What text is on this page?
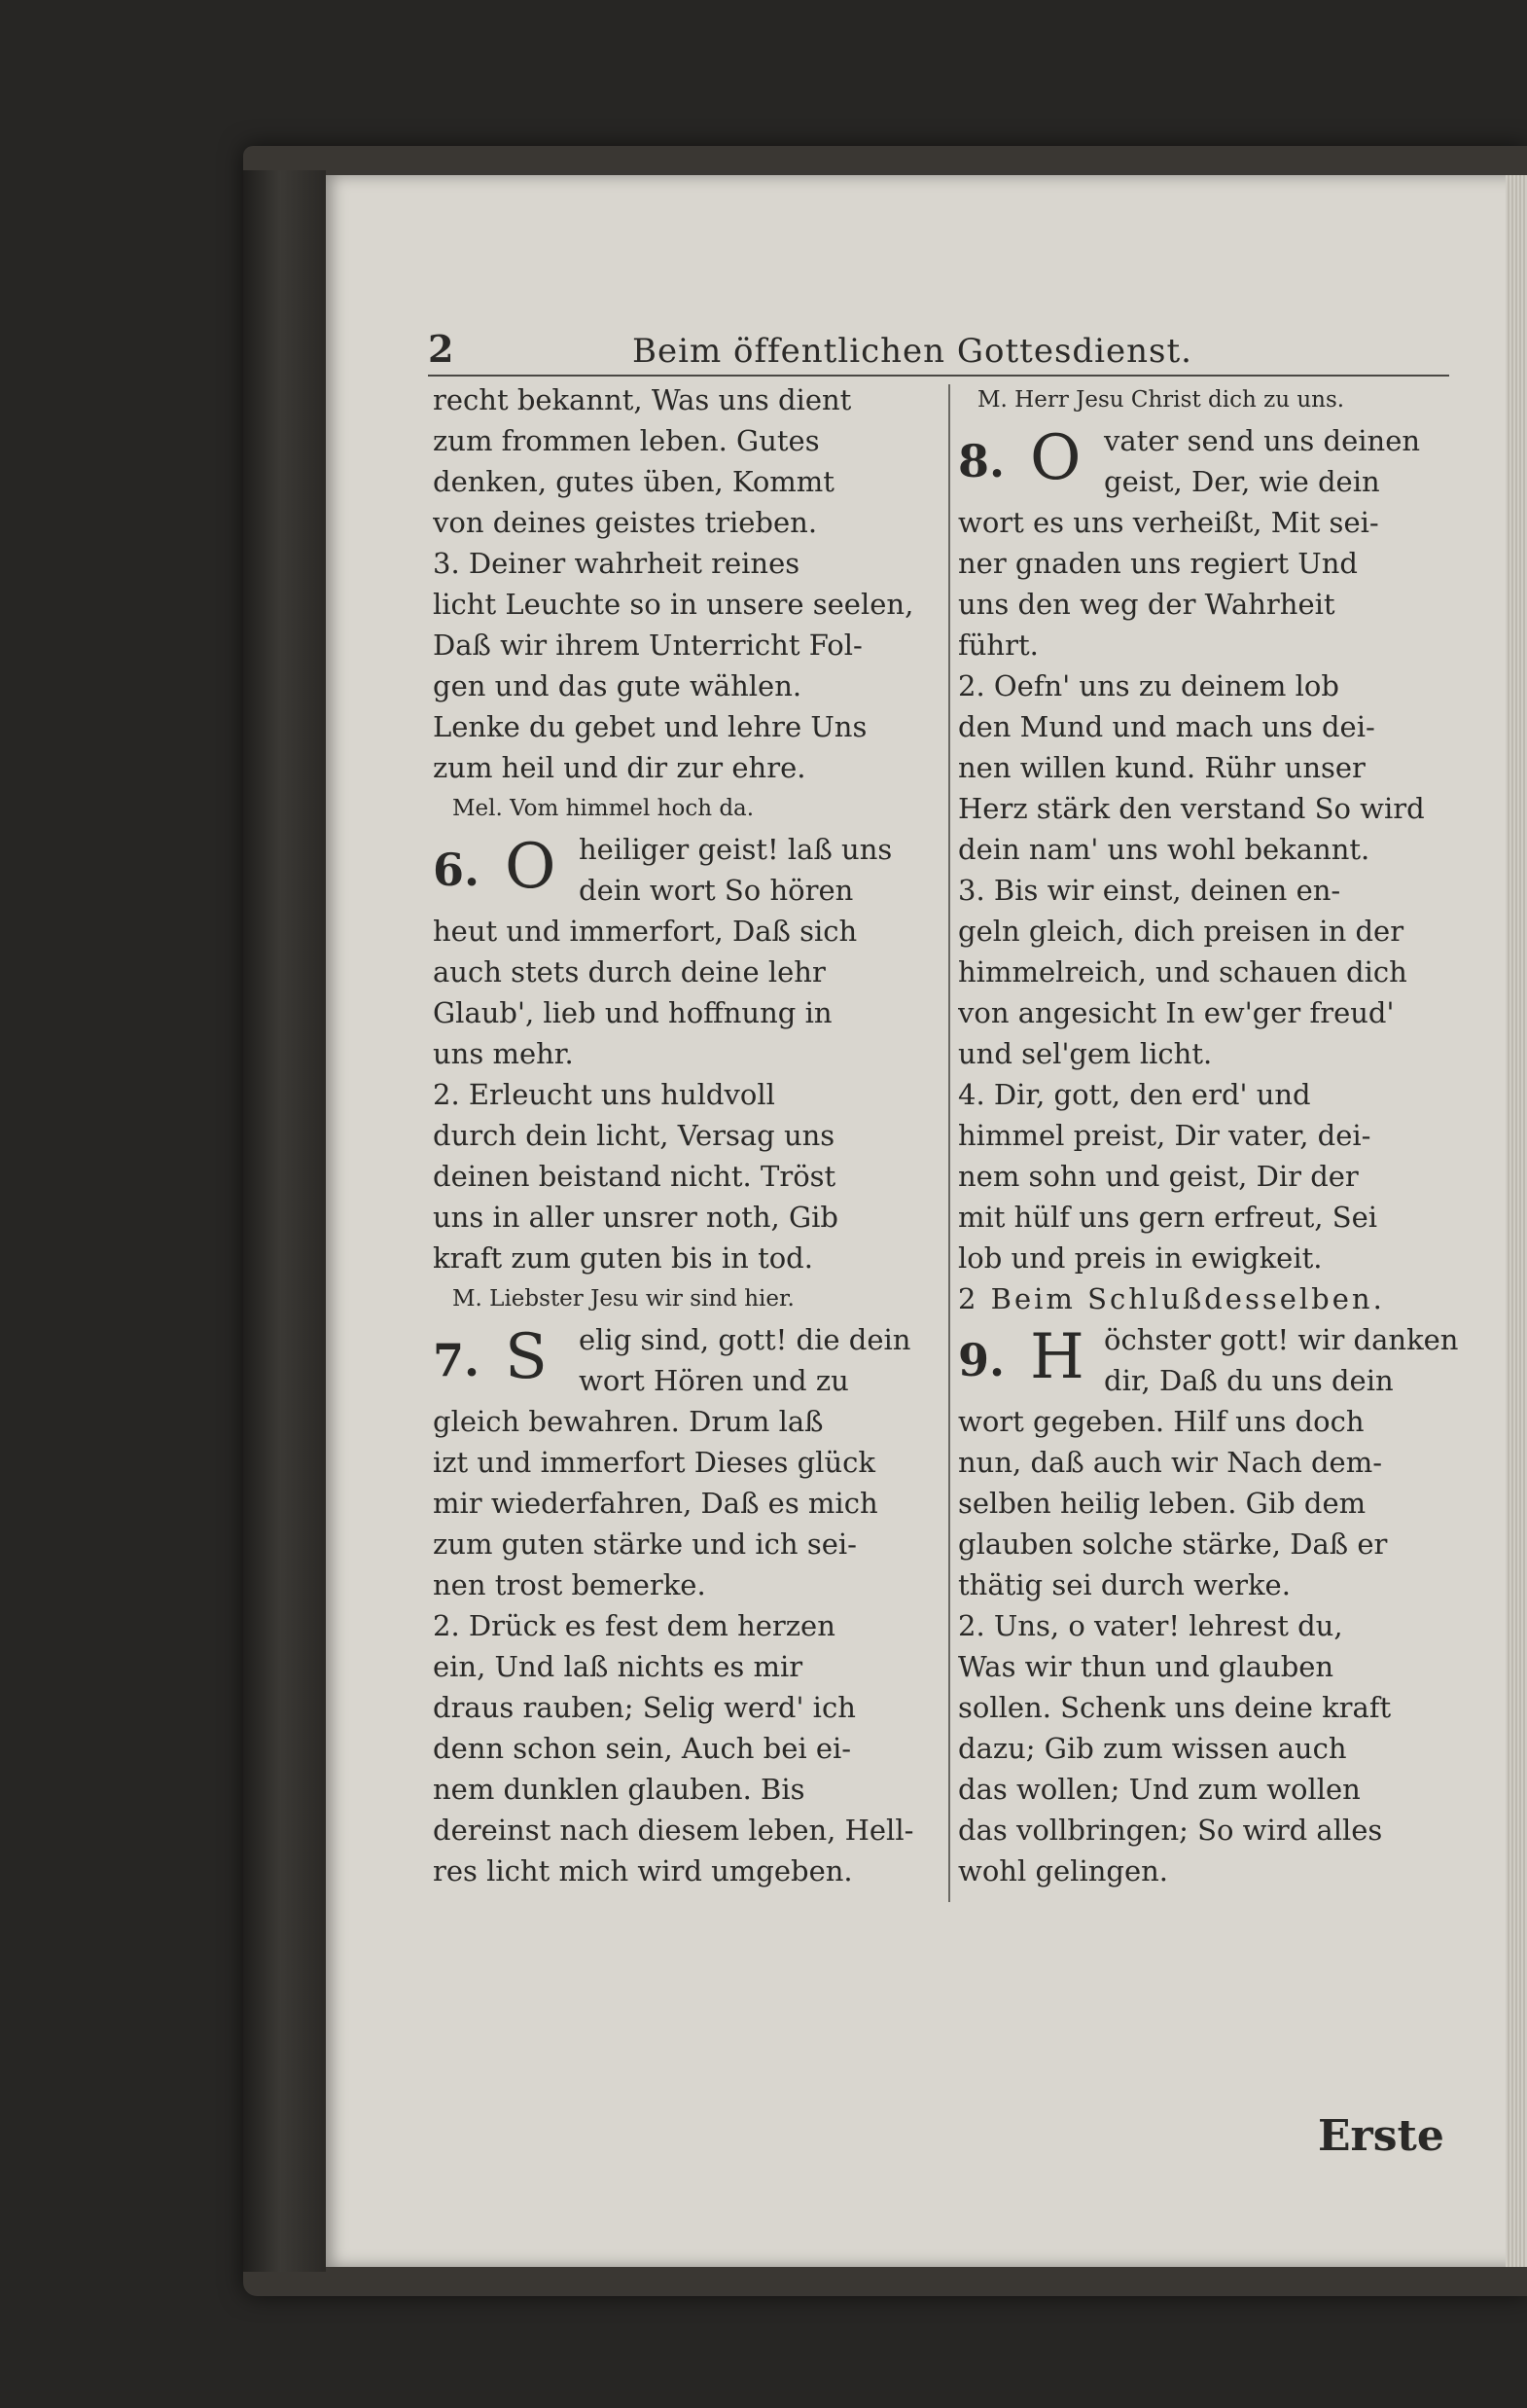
2	Beim öffentlichen Gottesdienst.
recht bekannt, Was uns dient
zum frommen leben. Gutes
denken, gutes üben, Kommt
von deines geistes trieben.
3. Deiner wahrheit reines
licht Leuchte so in unsere seelen,
Daß wir ihrem Unterricht Fol-
gen und das gute wählen.
Lenke du gebet und lehre Uns
zum heil und dir zur ehre.
Mel. Vom himmel hoch da.
6. O heiliger geist! laß uns
dein wort So hören
heut und immerfort, Daß sich
auch stets durch deine lehr
Glaub', lieb und hoffnung in
uns mehr.
2. Erleucht uns huldvoll
durch dein licht, Versag uns
deinen beistand nicht. Tröst
uns in aller unsrer noth, Gib
kraft zum guten bis in tod.
M. Liebster Jesu wir sind hier.
7. S elig sind, gott! die dein
wort Hören und zu
gleich bewahren. Drum laß
izt und immerfort Dieses glück
mir wiederfahren, Daß es mich
zum guten stärke und ich sei-
nen trost bemerke.
2. Drück es fest dem herzen
ein, Und laß nichts es mir
draus rauben; Selig werd' ich
denn schon sein, Auch bei ei-
nem dunklen glauben. Bis
dereinst nach diesem leben, Hell-
res licht mich wird umgeben.
M. Herr Jesu Christ dich zu uns.
8. O vater send uns deinen
geist, Der, wie dein
wort es uns verheißt, Mit sei-
ner gnaden uns regiert Und
uns den weg der Wahrheit
führt.
2. Oefn' uns zu deinem lob
den Mund und mach uns dei-
nen willen kund. Rühr unser
Herz stärk den verstand So wird
dein nam' uns wohl bekannt.
3. Bis wir einst, deinen en-
geln gleich, dich preisen in der
himmelreich, und schauen dich
von angesicht In ew'ger freud'
und sel'gem licht.
4. Dir, gott, den erd' und
himmel preist, Dir vater, dei-
nem sohn und geist, Dir der
mit hülf uns gern erfreut, Sei
lob und preis in ewigkeit.
2 Beim Schlußdesselben.
9. H öchster gott! wir danken
dir, Daß du uns dein
wort gegeben. Hilf uns doch
nun, daß auch wir Nach dem-
selben heilig leben. Gib dem
glauben solche stärke, Daß er
thätig sei durch werke.
2. Uns, o vater! lehrest du,
Was wir thun und glauben
sollen. Schenk uns deine kraft
dazu; Gib zum wissen auch
das wollen; Und zum wollen
das vollbringen; So wird alles
wohl gelingen.
Erste
